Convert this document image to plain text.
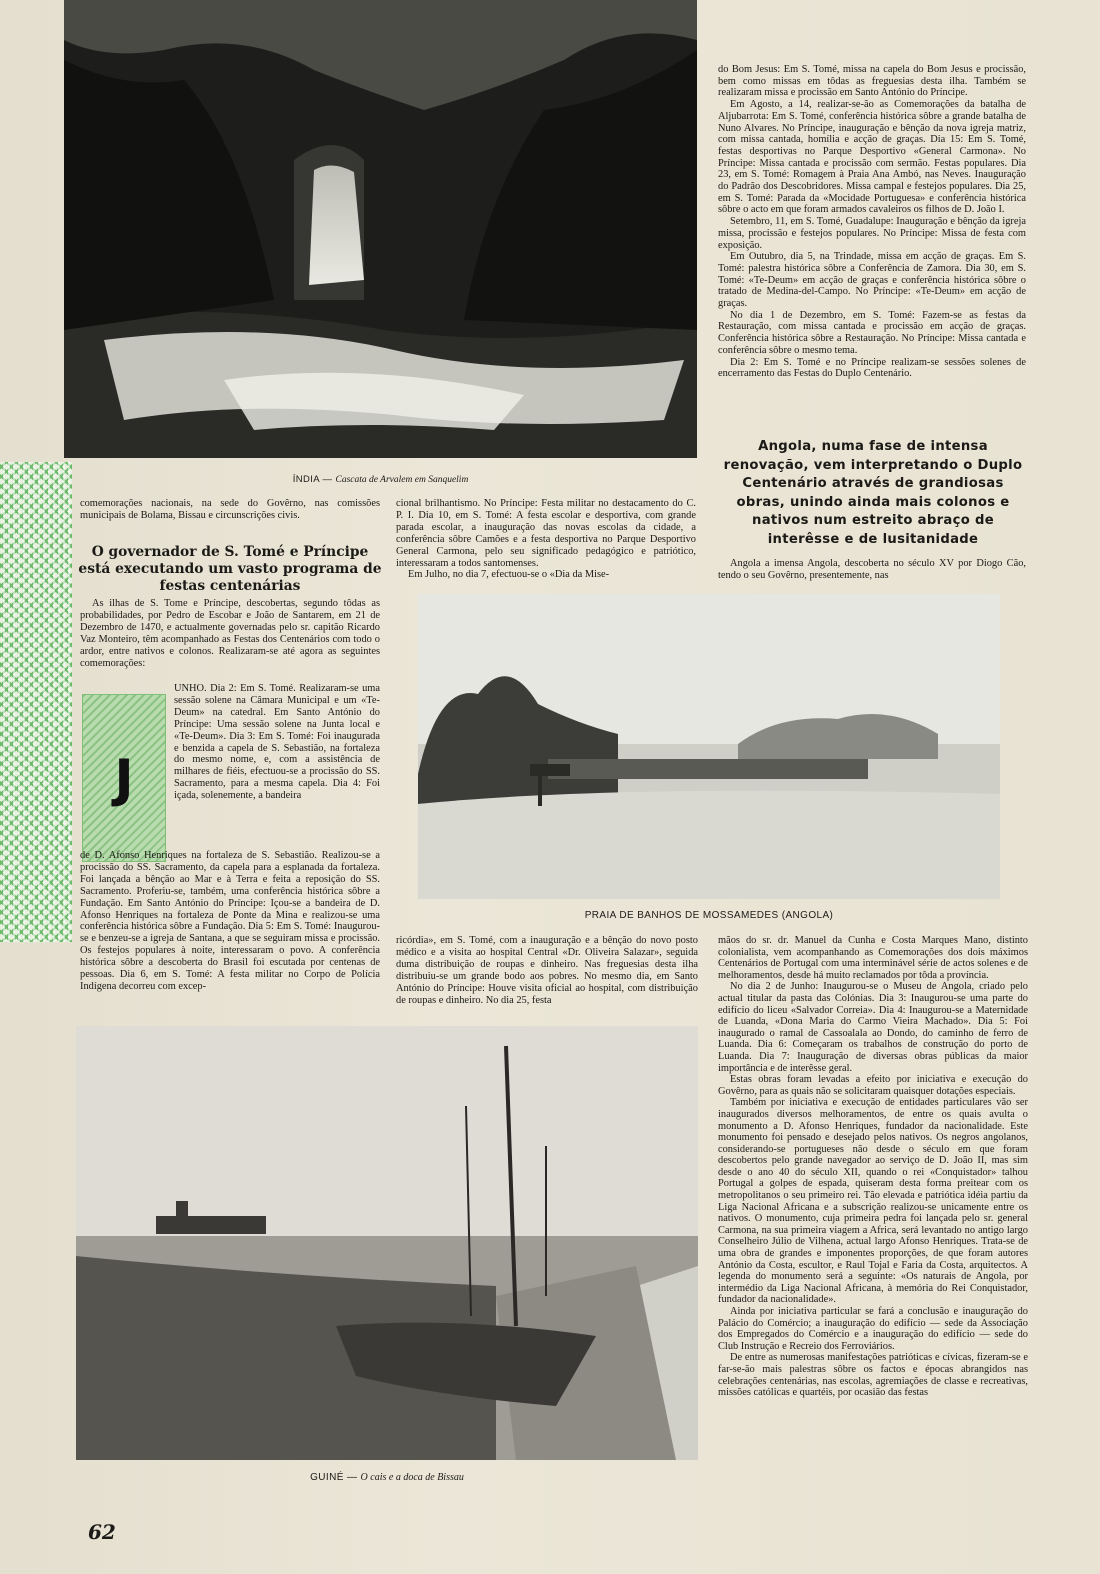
ÍNDIA — Cascata de Arvalem em Sanquelim
PRAIA DE BANHOS DE MOSSAMEDES (ANGOLA)
GUINÉ — O cais e a doca de Bissau

comemorações nacionais, na sede do Govêrno, nas comissões municipais de Bolama, Bissau e circunscrições civis.

O governador de S. Tomé e Príncipe está executando um vasto programa de festas centenárias

As ilhas de S. Tome e Príncipe, descobertas, segundo tôdas as probabilidades, por Pedro de Escobar e João de Santarem, em 21 de Dezembro de 1470, e actualmente governadas pelo sr. capitão Ricardo Vaz Monteiro, têm acompanhado as Festas dos Centenários com todo o ardor, entre nativos e colonos. Realizaram-se até agora as seguintes comemorações:

J

UNHO. Dia 2: Em S. Tomé. Realizaram-se uma sessão solene na Câmara Municipal e um «Te-Deum» na catedral. Em Santo António do Príncipe: Uma sessão solene na Junta local e «Te-Deum». Dia 3: Em S. Tomé: Foi inaugurada e benzida a capela de S. Sebastião, na fortaleza do mesmo nome, e, com a assistência de milhares de fiéis, efectuou-se a procissão do SS. Sacramento, para a mesma capela. Dia 4: Foi içada, solenemente, a bandeira

de D. Afonso Henriques na fortaleza de S. Sebastião. Realizou-se a procissão do SS. Sacramento, da capela para a esplanada da fortaleza. Foi lançada a bênção ao Mar e à Terra e feita a reposição do SS. Sacramento. Proferiu-se, também, uma conferência histórica sôbre a Fundação. Em Santo António do Príncipe: Içou-se a bandeira de D. Afonso Henriques na fortaleza de Ponte da Mina e realizou-se uma conferência histórica sôbre a Fundação. Dia 5: Em S. Tomé: Inaugurou-se e benzeu-se a igreja de Santana, a que se seguiram missa e procissão. Os festejos populares à noite, interessaram o povo. A conferência histórica sôbre a descoberta do Brasil foi escutada por centenas de pessoas. Dia 6, em S. Tomé: A festa militar no Corpo de Polícia Indígena decorreu com excep-

cional brilhantismo. No Príncipe: Festa militar no destacamento do C. P. I. Dia 10, em S. Tomé: A festa escolar e desportiva, com grande parada escolar, a inauguração das novas escolas da cidade, a conferência sôbre Camões e a festa desportiva no Parque Desportivo General Carmona, pelo seu significado pedagógico e patriótico, interessaram a todos santomenses.

Em Julho, no dia 7, efectuou-se o «Dia da Mise-

ricórdia», em S. Tomé, com a inauguração e a bênção do novo posto médico e a visita ao hospital Central «Dr. Oliveira Salazar», seguida duma distribuição de roupas e dinheiro. Nas freguesias desta ilha distribuiu-se um grande bodo aos pobres. No mesmo dia, em Santo António do Príncipe: Houve visita oficial ao hospital, com distribuição de roupas e dinheiro. No dia 25, festa

do Bom Jesus: Em S. Tomé, missa na capela do Bom Jesus e procissão, bem como missas em tôdas as freguesias desta ilha. Também se realizaram missa e procissão em Santo António do Príncipe.

Em Agosto, a 14, realizar-se-ão as Comemorações da batalha de Aljubarrota: Em S. Tomé, conferência histórica sôbre a grande batalha de Nuno Alvares. No Príncipe, inauguração e bênção da nova igreja matriz, com missa cantada, homília e acção de graças. Dia 15: Em S. Tomé, festas desportivas no Parque Desportivo «General Carmona». No Príncipe: Missa cantada e procissão com sermão. Festas populares. Dia 23, em S. Tomé: Romagem à Praia Ana Ambó, nas Neves. Inauguração do Padrão dos Descobridores. Missa campal e festejos populares. Dia 25, em S. Tomé: Parada da «Mocidade Portuguesa» e conferência histórica sôbre o acto em que foram armados cavaleiros os filhos de D. João I.

Setembro, 11, em S. Tomé, Guadalupe: Inauguração e bênção da igreja missa, procissão e festejos populares. No Príncipe: Missa de festa com exposição.

Em Outubro, dia 5, na Trindade, missa em acção de graças. Em S. Tomé: palestra histórica sôbre a Conferência de Zamora. Dia 30, em S. Tomé: «Te-Deum» em acção de graças e conferência histórica sôbre o tratado de Medina-del-Campo. No Príncipe: «Te-Deum» em acção de graças.

No dia 1 de Dezembro, em S. Tomé: Fazem-se as festas da Restauração, com missa cantada e procissão em acção de graças. Conferência histórica sôbre a Restauração. No Príncipe: Missa cantada e conferência sôbre o mesmo tema.

Dia 2: Em S. Tomé e no Príncipe realizam-se sessões solenes de encerramento das Festas do Duplo Centenário.

Angola, numa fase de intensa renovação, vem interpretando o Duplo Centenário através de grandiosas obras, unindo ainda mais colonos e nativos num estreito abraço de interêsse e de lusitanidade

Angola a imensa Angola, descoberta no século XV por Diogo Cão, tendo o seu Govêrno, presentemente, nas

mãos do sr. dr. Manuel da Cunha e Costa Marques Mano, distinto colonialista, vem acompanhando as Comemorações dos dois máximos Centenários de Portugal com uma interminável série de actos solenes e de melhoramentos, desde há muito reclamados por tôda a província.

No dia 2 de Junho: Inaugurou-se o Museu de Angola, criado pelo actual titular da pasta das Colónias. Dia 3: Inaugurou-se uma parte do edifício do liceu «Salvador Correia». Dia 4: Inaugurou-se a Maternidade de Luanda, «Dona Maria do Carmo Vieira Machado». Dia 5: Foi inaugurado o ramal de Cassoalala ao Dondo, do caminho de ferro de Luanda. Dia 6: Começaram os trabalhos de construção do porto de Luanda. Dia 7: Inauguração de diversas obras públicas da maior importância e de interêsse geral.

Estas obras foram levadas a efeito por iniciativa e execução do Govêrno, para as quais não se solicitaram quaisquer dotações especiais.

Também por iniciativa e execução de entidades particulares vão ser inaugurados diversos melhoramentos, de entre os quais avulta o monumento a D. Afonso Henriques, fundador da nacionalidade. Este monumento foi pensado e desejado pelos nativos. Os negros angolanos, considerando-se portugueses não desde o século em que foram descobertos pelo grande navegador ao serviço de D. João II, mas sim desde o ano 40 do século XII, quando o rei «Conquistador» talhou Portugal a golpes de espada, quiseram desta forma preitear com os metropolitanos o seu primeiro rei. Tão elevada e patriótica idéia partiu da Liga Nacional Africana e a subscrição realizou-se unicamente entre os nativos. O monumento, cuja primeira pedra foi lançada pelo sr. general Carmona, na sua primeira viagem a Africa, será levantado no antigo largo Conselheiro Júlio de Vilhena, actual largo Afonso Henriques. Trata-se de uma obra de grandes e imponentes proporções, de que foram autores António da Costa, escultor, e Raul Tojal e Faria da Costa, arquitectos. A legenda do monumento será a seguinte: «Os naturais de Angola, por intermédio da Liga Nacional Africana, à memória do Rei Conquistador, fundador da nacionalidade».

Ainda por iniciativa particular se fará a conclusão e inauguração do Palácio do Comércio; a inauguração do edifício — sede da Associação dos Empregados do Comércio e a inauguração do edifício — sede do Club Instrução e Recreio dos Ferroviários.

De entre as numerosas manifestações patrióticas e cívicas, fizeram-se e far-se-ão mais palestras sôbre os factos e épocas abrangidos nas celebrações centenárias, nas escolas, agremiações de classe e recreativas, missões católicas e quartéis, por ocasião das festas

62
